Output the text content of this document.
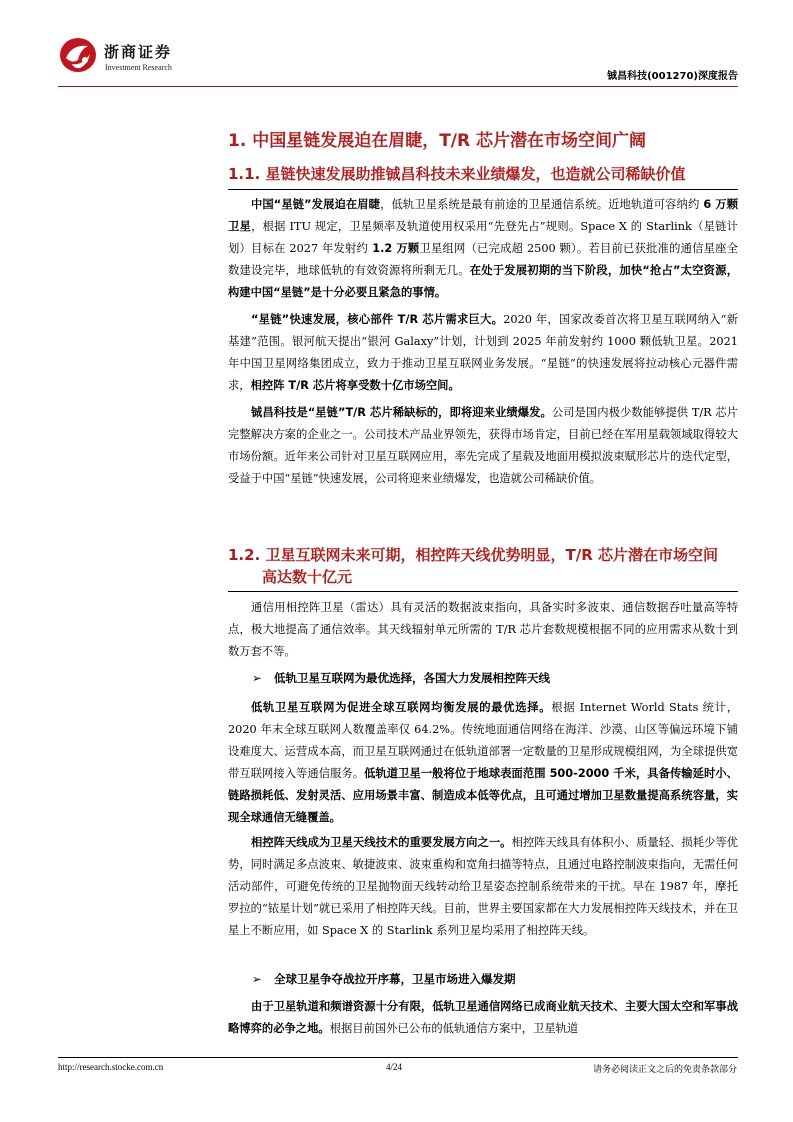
浙商证券
Investment Research
铖昌科技(001270)深度报告
1. 中国星链发展迫在眉睫，T/R 芯片潜在市场空间广阔
1.1. 星链快速发展助推铖昌科技未来业绩爆发，也造就公司稀缺价值

中国“星链”发展迫在眉睫，低轨卫星系统是最有前途的卫星通信系统。近地轨道可容纳约 6 万颗卫星，根据 ITU 规定，卫星频率及轨道使用权采用“先登先占”规则。Space X 的 Starlink（星链计划）目标在 2027 年发射约 1.2 万颗卫星组网（已完成超 2500 颗）。若目前已获批准的通信星座全数建设完毕，地球低轨的有效资源将所剩无几。在处于发展初期的当下阶段，加快“抢占”太空资源，构建中国“星链”是十分必要且紧急的事情。

“星链”快速发展，核心部件 T/R 芯片需求巨大。2020 年，国家改委首次将卫星互联网纳入“新基建”范围。银河航天提出“银河 Galaxy”计划，计划到 2025 年前发射约 1000 颗低轨卫星。2021 年中国卫星网络集团成立，致力于推动卫星互联网业务发展。“星链”的快速发展将拉动核心元器件需求，相控阵 T/R 芯片将享受数十亿市场空间。

铖昌科技是“星链”T/R 芯片稀缺标的，即将迎来业绩爆发。公司是国内极少数能够提供 T/R 芯片完整解决方案的企业之一。公司技术产品业界领先，获得市场肯定，目前已经在军用星载领域取得较大市场份额。近年来公司针对卫星互联网应用，率先完成了星载及地面用模拟波束赋形芯片的迭代定型，受益于中国“星链”快速发展，公司将迎来业绩爆发，也造就公司稀缺价值。

1.2. 卫星互联网未来可期，相控阵天线优势明显，T/R 芯片潜在市场空间
高达数十亿元

通信用相控阵卫星（雷达）具有灵活的数据波束指向，具备实时多波束、通信数据吞吐量高等特点，极大地提高了通信效率。其天线辐射单元所需的 T/R 芯片套数规模根据不同的应用需求从数十到数万套不等。

➢ 低轨卫星互联网为最优选择，各国大力发展相控阵天线

低轨卫星互联网为促进全球互联网均衡发展的最优选择。根据 Internet World Stats 统计，2020 年末全球互联网人数覆盖率仅 64.2%。传统地面通信网络在海洋、沙漠、山区等偏远环境下铺设难度大、运营成本高，而卫星互联网通过在低轨道部署一定数量的卫星形成规模组网，为全球提供宽带互联网接入等通信服务。低轨道卫星一般将位于地球表面范围 500-2000 千米，具备传输延时小、链路损耗低、发射灵活、应用场景丰富、制造成本低等优点，且可通过增加卫星数量提高系统容量，实现全球通信无缝覆盖。

相控阵天线成为卫星天线技术的重要发展方向之一。相控阵天线具有体积小、质量轻、损耗少等优势，同时满足多点波束、敏捷波束、波束重构和宽角扫描等特点，且通过电路控制波束指向，无需任何活动部件，可避免传统的卫星抛物面天线转动给卫星姿态控制系统带来的干扰。早在 1987 年，摩托罗拉的“铱星计划”就已采用了相控阵天线。目前，世界主要国家都在大力发展相控阵天线技术，并在卫星上不断应用，如 Space X 的 Starlink 系列卫星均采用了相控阵天线。

➢ 全球卫星争夺战拉开序幕，卫星市场进入爆发期

由于卫星轨道和频谱资源十分有限，低轨卫星通信网络已成商业航天技术、主要大国太空和军事战略博弈的必争之地。根据目前国外已公布的低轨通信方案中，卫星轨道

http://research.stocke.com.cn	4/24	请务必阅读正文之后的免责条款部分
